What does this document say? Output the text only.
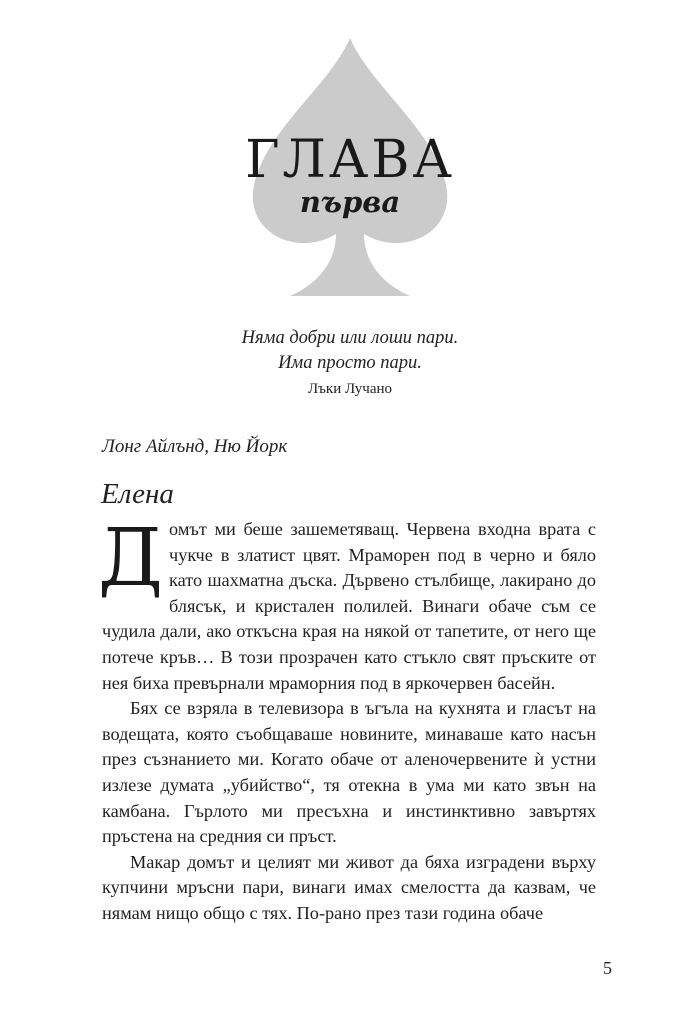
ГЛАВА
първа
Няма добри или лоши пари.
Има просто пари.
Лъки Лучано
Лонг Айлънд, Ню Йорк
Елена

Домът ми беше зашеметяващ. Червена входна врата с чукче в златист цвят. Мраморен под в черно и бяло като шахматна дъска. Дървено стълбище, лакирано до блясък, и кристален полилей. Винаги обаче съм се чудила дали, ако откъсна края на някой от тапетите, от него ще потече кръв… В този прозрачен като стъкло свят пръските от нея биха превърнали мраморния под в яркочервен басейн.

Бях се взряла в телевизора в ъгъла на кухнята и гласът на водещата, която съобщаваше новините, минаваше като насън през съзнанието ми. Когато обаче от аленочервените ѝ устни излезе думата „убийство“, тя отекна в ума ми като звън на камбана. Гърлото ми пресъхна и инстинктивно завъртях пръстена на средния си пръст.

Макар домът и целият ми живот да бяха изградени върху купчини мръсни пари, винаги имах смелостта да казвам, че нямам нищо общо с тях. По-рано през тази година обаче

5
